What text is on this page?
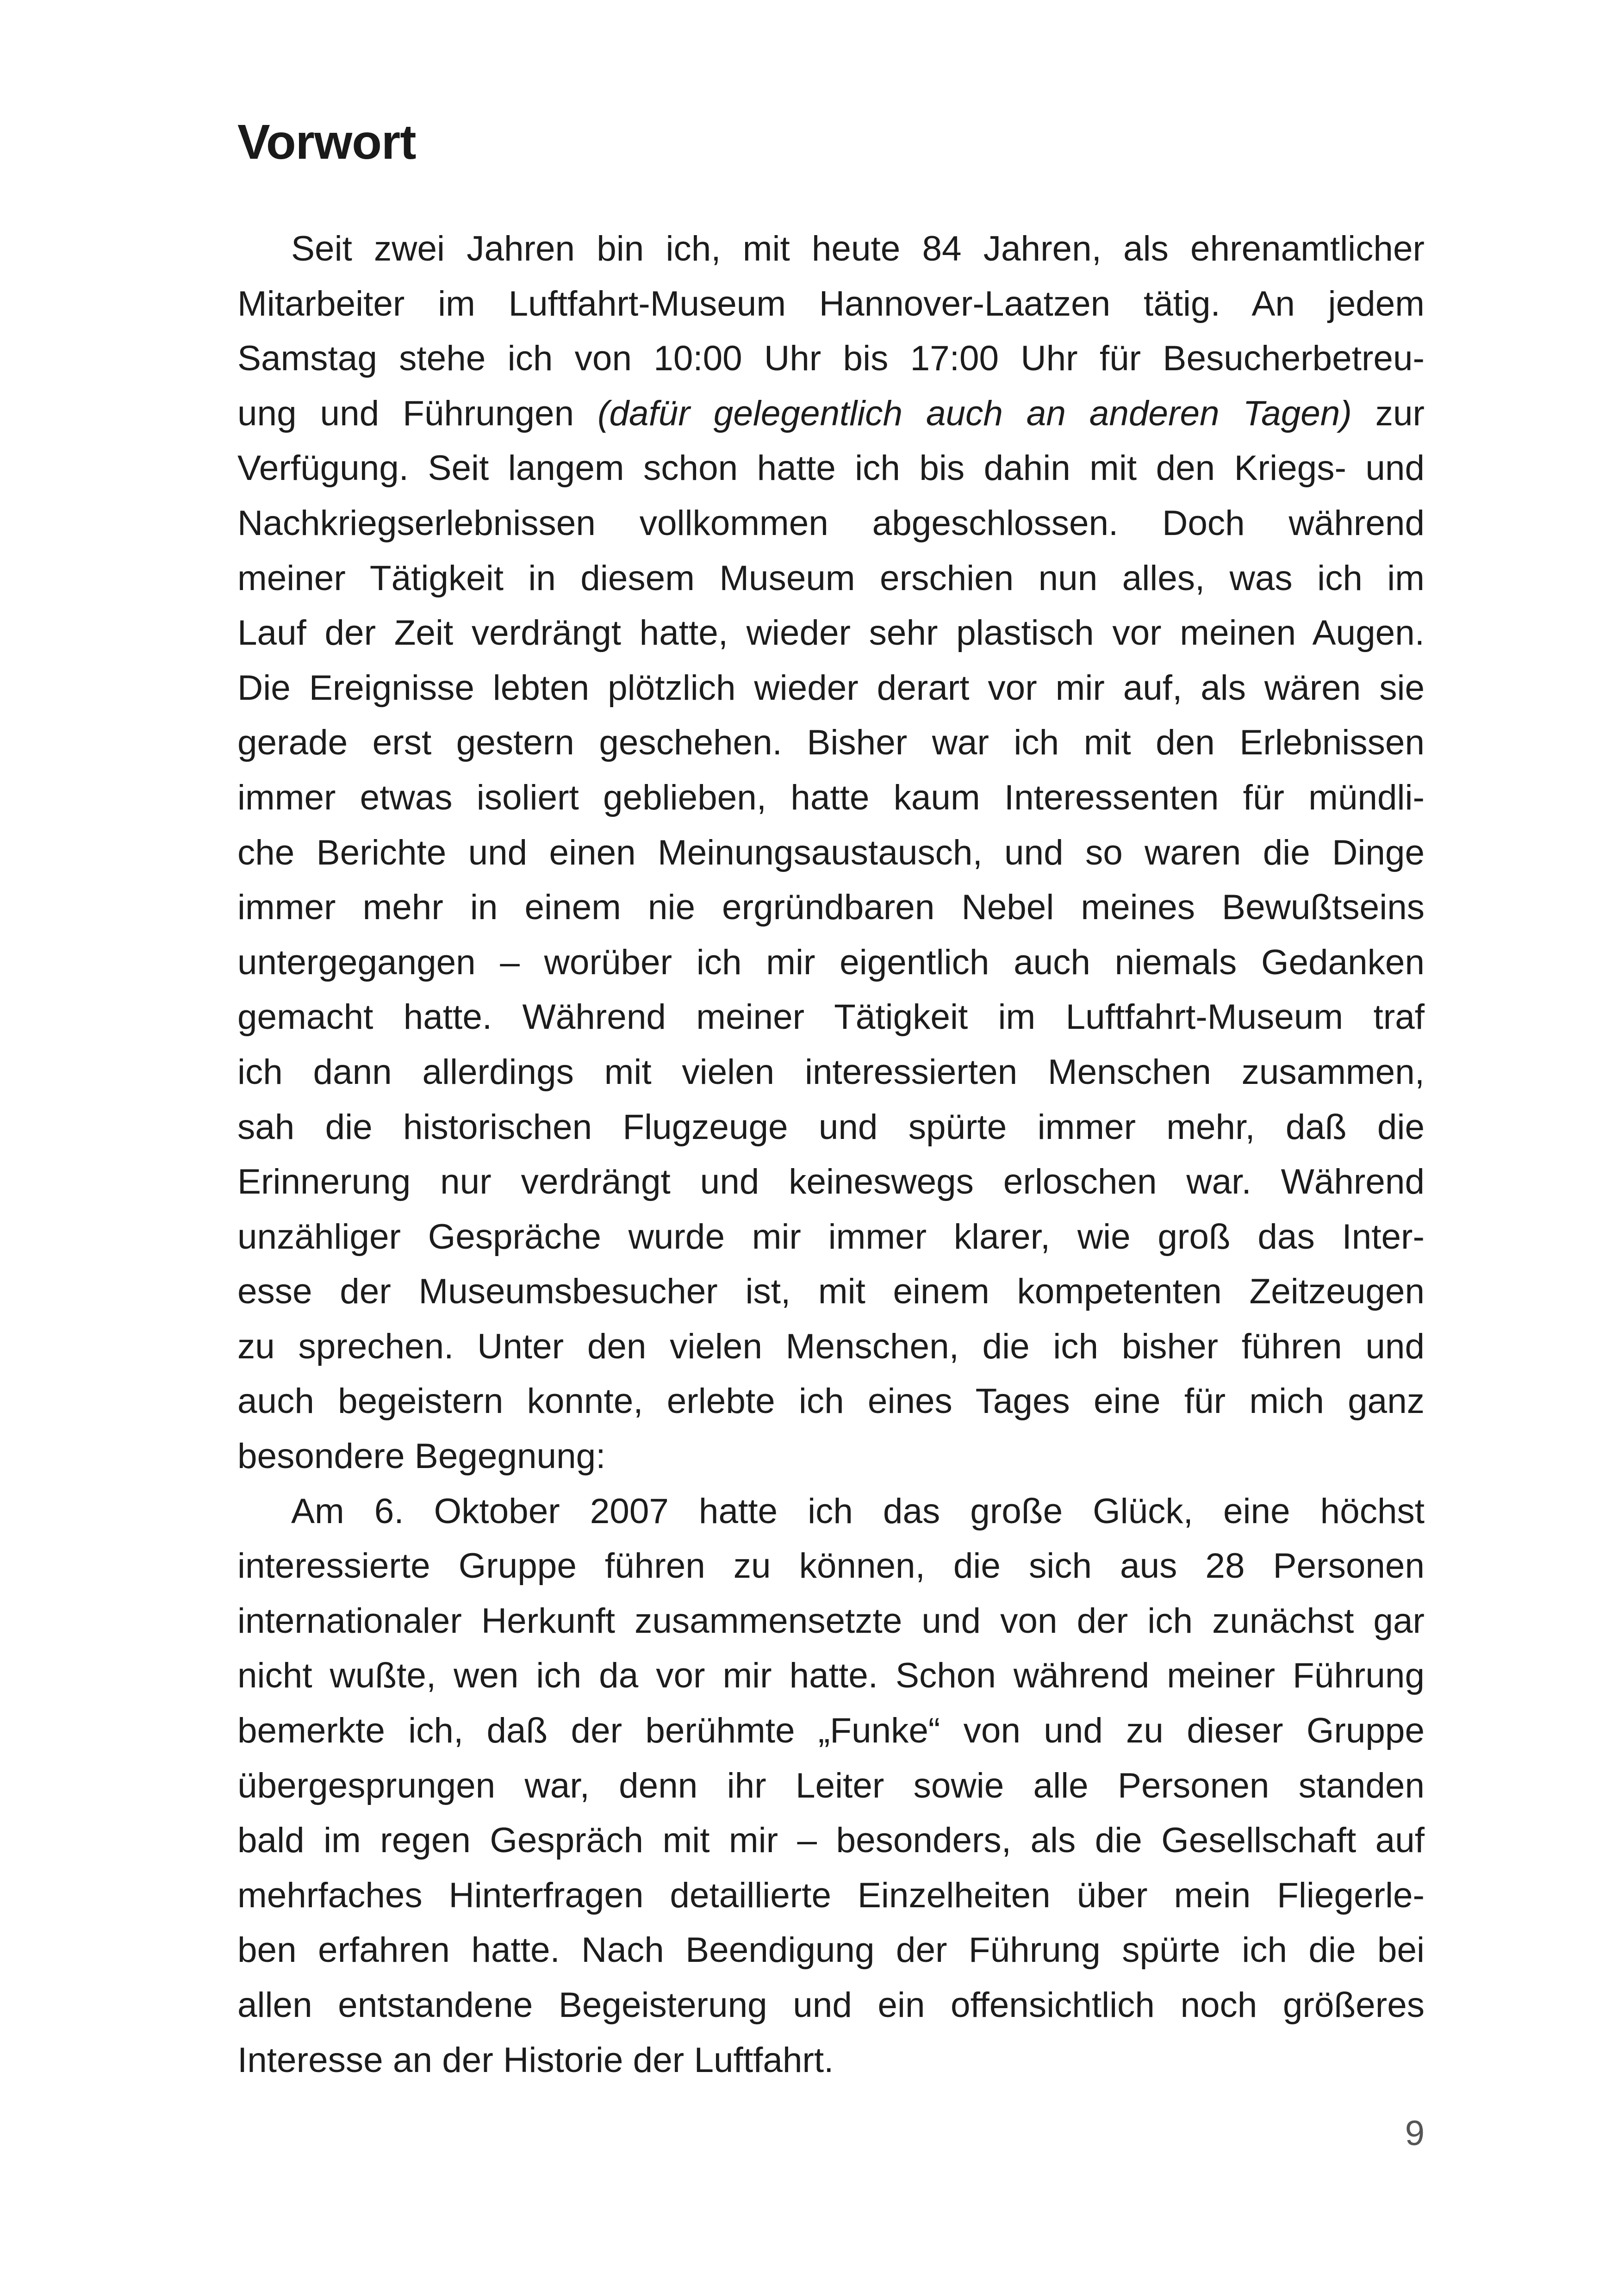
Vorwort
Seit zwei Jahren bin ich, mit heute 84 Jahren, als ehrenamtlicher
Mitarbeiter im Luftfahrt-Museum Hannover-Laatzen tätig. An jedem
Samstag stehe ich von 10:00 Uhr bis 17:00 Uhr für Besucherbetreu-
ung und Führungen (dafür gelegentlich auch an anderen Tagen) zur
Verfügung. Seit langem schon hatte ich bis dahin mit den Kriegs- und
Nachkriegserlebnissen vollkommen abgeschlossen. Doch während
meiner Tätigkeit in diesem Museum erschien nun alles, was ich im
Lauf der Zeit verdrängt hatte, wieder sehr plastisch vor meinen Augen.
Die Ereignisse lebten plötzlich wieder derart vor mir auf, als wären sie
gerade erst gestern geschehen. Bisher war ich mit den Erlebnissen
immer etwas isoliert geblieben, hatte kaum Interessenten für mündli-
che Berichte und einen Meinungsaustausch, und so waren die Dinge
immer mehr in einem nie ergründbaren Nebel meines Bewußtseins
untergegangen – worüber ich mir eigentlich auch niemals Gedanken
gemacht hatte. Während meiner Tätigkeit im Luftfahrt-Museum traf
ich dann allerdings mit vielen interessierten Menschen zusammen,
sah die historischen Flugzeuge und spürte immer mehr, daß die
Erinnerung nur verdrängt und keineswegs erloschen war. Während
unzähliger Gespräche wurde mir immer klarer, wie groß das Inter-
esse der Museumsbesucher ist, mit einem kompetenten Zeitzeugen
zu sprechen. Unter den vielen Menschen, die ich bisher führen und
auch begeistern konnte, erlebte ich eines Tages eine für mich ganz
besondere Begegnung:
Am 6. Oktober 2007 hatte ich das große Glück, eine höchst
interessierte Gruppe führen zu können, die sich aus 28 Personen
internationaler Herkunft zusammensetzte und von der ich zunächst gar
nicht wußte, wen ich da vor mir hatte. Schon während meiner Führung
bemerkte ich, daß der berühmte „Funke“ von und zu dieser Gruppe
übergesprungen war, denn ihr Leiter sowie alle Personen standen
bald im regen Gespräch mit mir – besonders, als die Gesellschaft auf
mehrfaches Hinterfragen detaillierte Einzelheiten über mein Fliegerle-
ben erfahren hatte. Nach Beendigung der Führung spürte ich die bei
allen entstandene Begeisterung und ein offensichtlich noch größeres
Interesse an der Historie der Luftfahrt.
9
